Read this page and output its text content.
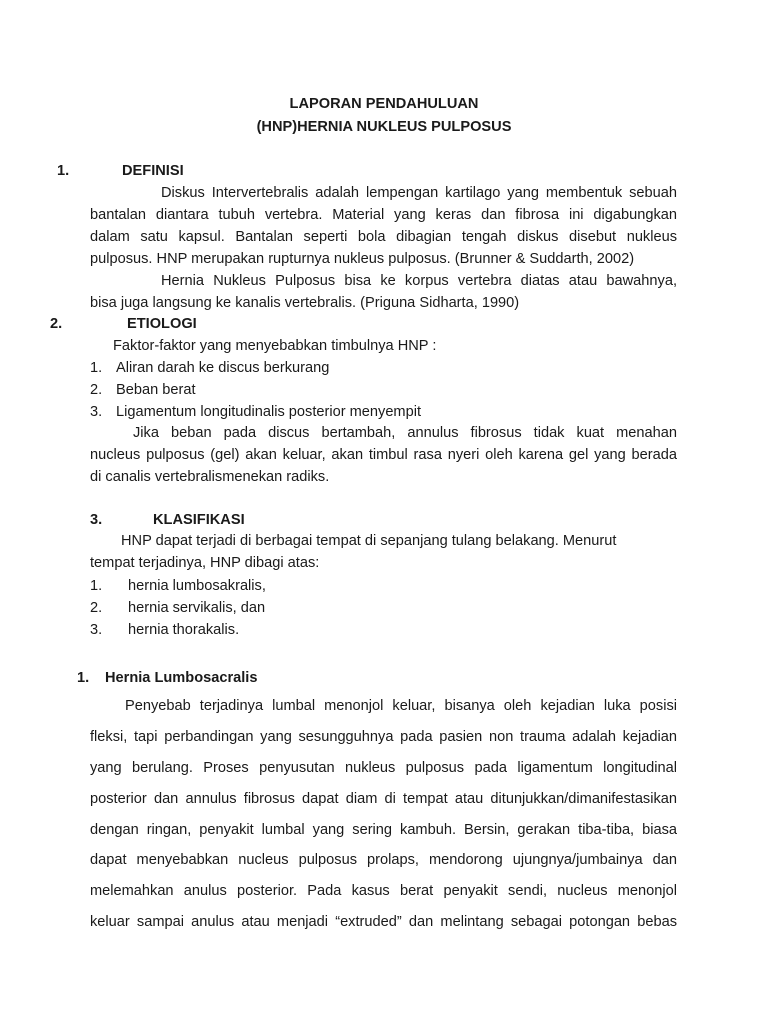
LAPORAN PENDAHULUAN
(HNP)HERNIA NUKLEUS PULPOSUS
1.	DEFINISI
Diskus Intervertebralis adalah lempengan kartilago yang membentuk sebuah
bantalan diantara tubuh vertebra. Material yang keras dan fibrosa ini digabungkan
dalam satu kapsul. Bantalan seperti bola dibagian tengah diskus disebut nukleus
pulposus. HNP merupakan rupturnya nukleus pulposus. (Brunner & Suddarth, 2002)
Hernia Nukleus Pulposus bisa ke korpus vertebra diatas atau bawahnya,
bisa juga langsung ke kanalis vertebralis. (Priguna Sidharta, 1990)
2.	ETIOLOGI
Faktor-faktor yang menyebabkan timbulnya HNP :
1. Aliran darah ke discus berkurang
2. Beban berat
3. Ligamentum longitudinalis posterior menyempit
Jika beban pada discus bertambah, annulus fibrosus tidak kuat menahan
nucleus pulposus (gel) akan keluar, akan timbul rasa nyeri oleh karena gel yang berada
di canalis vertebralismenekan radiks.
3.	KLASIFIKASI
HNP dapat terjadi di berbagai tempat di sepanjang tulang belakang. Menurut
tempat terjadinya, HNP dibagi atas:
1. hernia lumbosakralis,
2. hernia servikalis, dan
3. hernia thorakalis.
1. Hernia Lumbosacralis
Penyebab terjadinya lumbal menonjol keluar, bisanya oleh kejadian luka posisi
fleksi, tapi perbandingan yang sesungguhnya pada pasien non trauma adalah kejadian
yang berulang. Proses penyusutan nukleus pulposus pada ligamentum longitudinal
posterior dan annulus fibrosus dapat diam di tempat atau ditunjukkan/dimanifestasikan
dengan ringan, penyakit lumbal yang sering kambuh. Bersin, gerakan tiba-tiba, biasa
dapat menyebabkan nucleus pulposus prolaps, mendorong ujungnya/jumbainya dan
melemahkan anulus posterior. Pada kasus berat penyakit sendi, nucleus menonjol
keluar sampai anulus atau menjadi “extruded” dan melintang sebagai potongan bebas
